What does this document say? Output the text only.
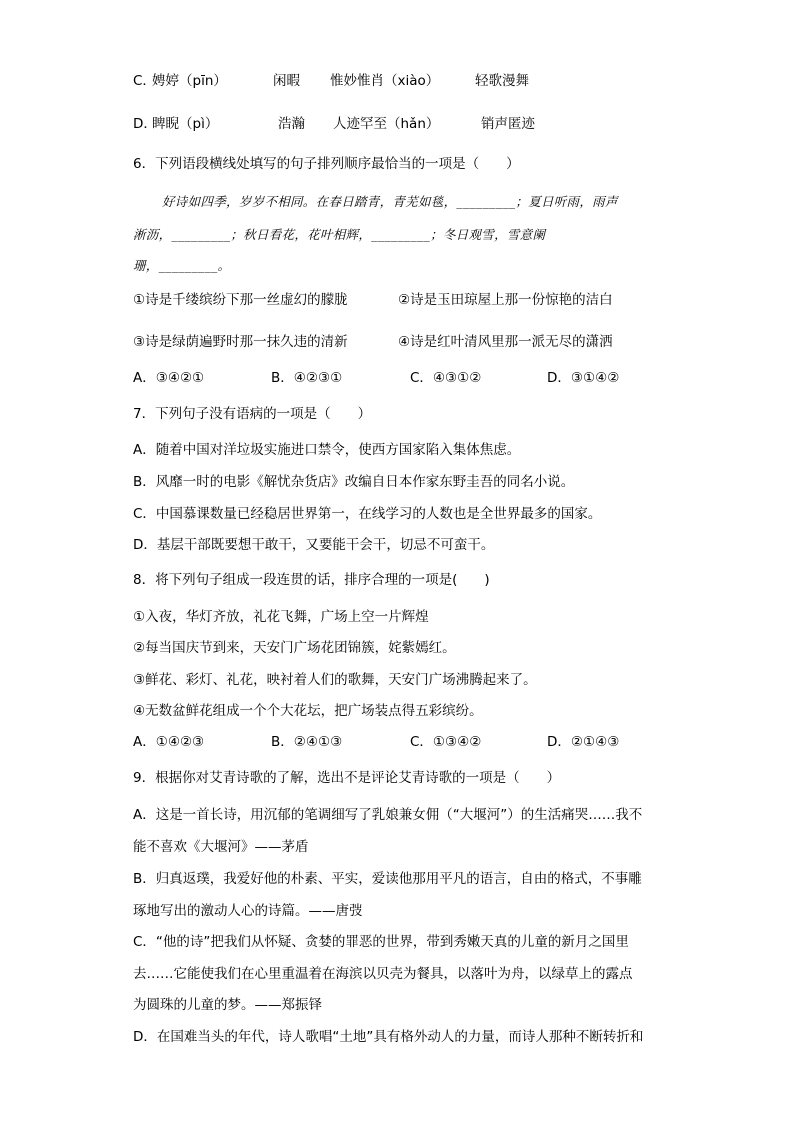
C．
娉婷（pīn）	闲暇 惟妙惟肖（xiào）	轻歌漫舞
D．
睥睨（pì）	浩瀚 人迹罕至（hǎn）	销声匿迹
6．下列语段横线处填写的句子排列顺序最恰当的一项是（　　）
好诗如四季，岁岁不相同。在春日踏青，青芜如毯，_________；夏日听雨，雨声
淅沥，_________；秋日看花，花叶相辉，_________；冬日观雪，雪意阑
珊，_________。
①诗是千缕缤纷下那一丝虚幻的朦胧	②诗是玉田琼屋上那一份惊艳的洁白
③诗是绿荫遍野时那一抹久违的清新	④诗是红叶清风里那一派无尽的潇洒
A．③④②①	B．④②③①	C．④③①②	D．③①④②
7．下列句子没有语病的一项是（　　）
A．随着中国对洋垃圾实施进口禁令，使西方国家陷入集体焦虑。
B．风靡一时的电影《解忧杂货店》改编自日本作家东野圭吾的同名小说。
C．中国慕课数量已经稳居世界第一，在线学习的人数也是全世界最多的国家。
D．基层干部既要想干敢干，又要能干会干，切忌不可蛮干。
8．将下列句子组成一段连贯的话，排序合理的一项是(　　)
①入夜，华灯齐放，礼花飞舞，广场上空一片辉煌
②每当国庆节到来，天安门广场花团锦簇，姹紫嫣红。
③鲜花、彩灯、礼花，映衬着人们的歌舞，天安门广场沸腾起来了。
④无数盆鲜花组成一个个大花坛，把广场装点得五彩缤纷。
A．①④②③	B．②④①③	C．①③④②	D．②①④③
9．根据你对艾青诗歌的了解，选出不是评论艾青诗歌的一项是（　　）
A．这是一首长诗，用沉郁的笔调细写了乳娘兼女佣（“大堰河”）的生活痛哭……我不
能不喜欢《大堰河》——茅盾
B．归真返璞，我爱好他的朴素、平实，爱读他那用平凡的语言，自由的格式，不事雕
琢地写出的激动人心的诗篇。——唐弢
C．“他的诗”把我们从怀疑、贪婪的罪恶的世界，带到秀嫩天真的儿童的新月之国里
去……它能使我们在心里重温着在海滨以贝壳为餐具，以落叶为舟，以绿草上的露点
为圆珠的儿童的梦。——郑振铎
D．在国难当头的年代，诗人歌唱“土地”具有格外动人的力量，而诗人那种不断转折和
